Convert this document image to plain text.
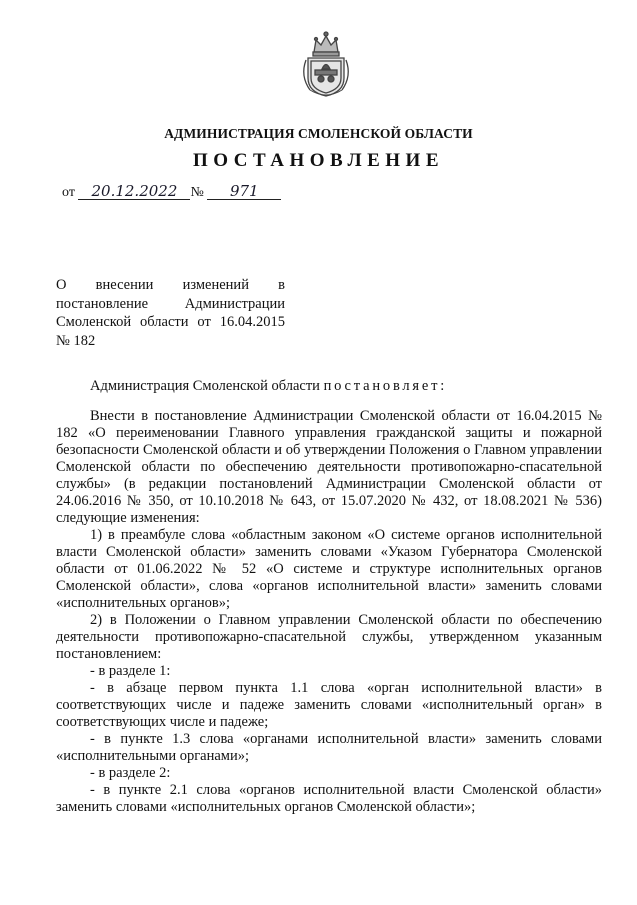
АДМИНИСТРАЦИЯ СМОЛЕНСКОЙ ОБЛАСТИ
ПОСТАНОВЛЕНИЕ
от 20.12.2022 № 971
О внесении изменений в
постановление Администрации
Смоленской области от 16.04.2015
№ 182

Администрация Смоленской области постановляет:

Внести в постановление Администрации Смоленской области от 16.04.2015 № 182 «О переименовании Главного управления гражданской защиты и пожарной безопасности Смоленской области и об утверждении Положения о Главном управлении Смоленской области по обеспечению деятельности противопожарно-спасательной службы» (в редакции постановлений Администрации Смоленской области от 24.06.2016 № 350, от 10.10.2018 № 643, от 15.07.2020 № 432, от 18.08.2021 № 536) следующие изменения:

1) в преамбуле слова «областным законом «О системе органов исполнительной власти Смоленской области» заменить словами «Указом Губернатора Смоленской области от 01.06.2022 № 52 «О системе и структуре исполнительных органов Смоленской области», слова «органов исполнительной власти» заменить словами «исполнительных органов»;

2) в Положении о Главном управлении Смоленской области по обеспечению деятельности противопожарно-спасательной службы, утвержденном указанным постановлением:

- в разделе 1:

- в абзаце первом пункта 1.1 слова «орган исполнительной власти» в соответствующих числе и падеже заменить словами «исполнительный орган» в соответствующих числе и падеже;

- в пункте 1.3 слова «органами исполнительной власти» заменить словами «исполнительными органами»;

- в разделе 2:

- в пункте 2.1 слова «органов исполнительной власти Смоленской области» заменить словами «исполнительных органов Смоленской области»;
